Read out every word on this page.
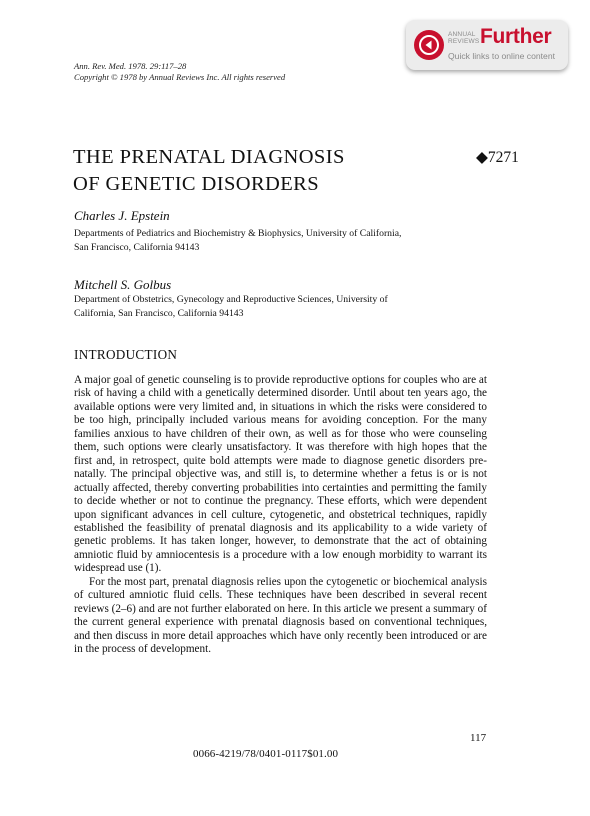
Ann. Rev. Med. 1978. 29:117–28
Copyright © 1978 by Annual Reviews Inc. All rights reserved
ANNUAL
REVIEWS Further
Quick links to online content
THE PRENATAL DIAGNOSIS
OF GENETIC DISORDERS
◆7271
Charles J. Epstein
Departments of Pediatrics and Biochemistry & Biophysics, University of California,
San Francisco, California 94143
Mitchell S. Golbus
Department of Obstetrics, Gynecology and Reproductive Sciences, University of
California, San Francisco, California 94143
INTRODUCTION

A major goal of genetic counseling is to provide reproductive options for couples who are at risk of having a child with a genetically determined disorder. Until about ten years ago, the available options were very limited and, in situations in which the risks were considered to be too high, principally included various means for avoiding conception. For the many families anxious to have children of their own, as well as for those who were counseling them, such options were clearly unsatisfactory. It was therefore with high hopes that the first and, in retrospect, quite bold attempts were made to diagnose genetic disorders prenatally. The principal objective was, and still is, to determine whether a fetus is or is not actually affected, thereby converting probabilities into certainties and permitting the family to decide whether or not to continue the pregnancy. These efforts, which were dependent upon significant advances in cell culture, cytogenetic, and obstetrical techniques, rapidly established the feasibility of prenatal diagnosis and its applicability to a wide variety of genetic problems. It has taken longer, however, to demonstrate that the act of obtaining amniotic fluid by amniocentesis is a procedure with a low enough morbidity to warrant its widespread use (1).

For the most part, prenatal diagnosis relies upon the cytogenetic or biochemical analysis of cultured amniotic fluid cells. These techniques have been described in several recent reviews (2–6) and are not further elaborated on here. In this article we present a summary of the current general experience with prenatal diagnosis based on conventional techniques, and then discuss in more detail approaches which have only recently been introduced or are in the process of development.

117
0066-4219/78/0401-0117$01.00
